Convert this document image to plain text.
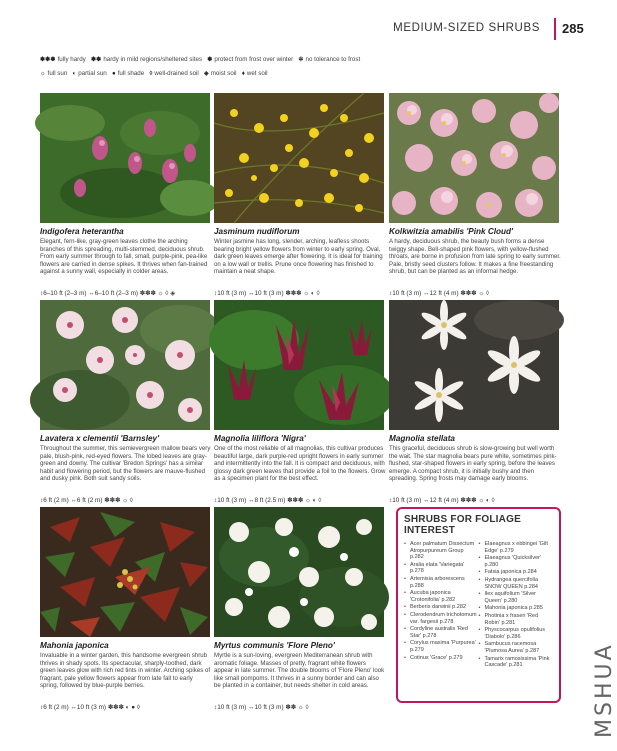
MEDIUM-SIZED SHRUBS 285
✽✽✽ fully hardy ✽✽ hardy in mild regions/sheltered sites ✽ protect from frost over winter ✲ no tolerance to frost
☼ full sun ◐ partial sun ● full shade ◊ well-drained soil ◈ moist soil ♦ wet soil
Indigofera heterantha
Elegant, fern-like, gray-green leaves clothe the arching branches of this spreading, multi-stemmed, deciduous shrub. From early summer through to fall, small, purple-pink, pea-like flowers are carried in dense spikes. It thrives when fan-trained against a sunny wall, especially in colder areas.
↕6–10 ft (2–3 m) ↔6–10 ft (2–3 m) ✽✽✽ ☼ ◊ ◈
Jasminum nudiflorum
Winter jasmine has long, slender, arching, leafless shoots bearing bright yellow flowers from winter to early spring. Oval, dark green leaves emerge after flowering. It is ideal for training on a low wall or trellis. Prune once flowering has finished to maintain a neat shape.
↕10 ft (3 m) ↔10 ft (3 m) ✽✽✽ ☼ ◐ ◊
Kolkwitzia amabilis 'Pink Cloud'
A hardy, deciduous shrub, the beauty bush forms a dense twiggy shape. Bell-shaped pink flowers, with yellow-flushed throats, are borne in profusion from late spring to early summer. Pale, bristly seed clusters follow. It makes a fine freestanding shrub, but can be planted as an informal hedge.
↕10 ft (3 m) ↔12 ft (4 m) ✽✽✽ ☼ ◊
Lavatera x clementii 'Barnsley'
Throughout the summer, this semievergreen mallow bears very pale, blush-pink, red-eyed flowers. The lobed leaves are gray-green and downy. The cultivar 'Bredon Springs' has a similar habit and flowering period, but the flowers are mauve-flushed and dusky pink. Both suit sandy soils.
↕6 ft (2 m) ↔6 ft (2 m) ✽✽✽ ☼ ◊
Magnolia liliflora 'Nigra'
One of the most reliable of all magnolias, this cultivar produces beautiful large, dark purple-red upright flowers in early summer and intermittently into the fall. It is compact and deciduous, with glossy dark green leaves that provide a foil to the flowers. Grow as a specimen plant for the best effect.
↕10 ft (3 m) ↔8 ft (2.5 m) ✽✽✽ ☼ ◐ ◊
Magnolia stellata
This graceful, deciduous shrub is slow-growing but well worth the wait. The star magnolia bears pure white, sometimes pink-flushed, star-shaped flowers in early spring, before the leaves emerge. A compact shrub, it is initially bushy and then spreading. Spring frosts may damage early blooms.
↕10 ft (3 m) ↔12 ft (4 m) ✽✽✽ ☼ ◐ ◊
Mahonia japonica
Invaluable in a winter garden, this handsome evergreen shrub thrives in shady spots. Its spectacular, sharply-toothed, dark green leaves glow with rich red tints in winter. Arching spikes of fragrant, pale yellow flowers appear from late fall to early spring, followed by blue-purple berries.
↕6 ft (2 m) ↔10 ft (3 m) ✽✽✽ ◐ ● ◊
Myrtus communis 'Flore Pleno'
Myrtle is a sun-loving, evergreen Mediterranean shrub with aromatic foliage. Masses of pretty, fragrant white flowers appear in late summer. The double blooms of 'Flore Pleno' look like small pompoms. It thrives in a sunny border and can also be planted in a container, but needs shelter in cold areas.
↕10 ft (3 m) ↔10 ft (3 m) ✽✽ ☼ ◊
SHRUBS FOR FOLIAGE INTEREST
• Acer palmatum Dissectum Atropurpureum Group p.282
• Aralia elata 'Variegata' p.278
• Artemisia arborescens p.288
• Aucuba japonica 'Crotonifolia' p.282
• Berberis darwinii p.282
• Clerodendrum trichotomum var. fargesii p.278
• Cordyline australis 'Red Star' p.278
• Corylus maxima 'Purpurea' p.279
• Cotinus 'Grace' p.279
• Elaeagnus x ebbingei 'Gilt Edge' p.279
• Elaeagnus 'Quicksilver' p.280
• Fatsia japonica p.284
• Hydrangea quercifolia SNOW QUEEN p.284
• Ilex aquifolium 'Silver Queen' p.280
• Mahonia japonica p.285
• Photinia x fraseri 'Red Robin' p.281
• Physcocarpus opulifolius 'Diabolo' p.286
• Sambucus racemosa 'Plumosa Aurea' p.287
• Tamarix ramosissima 'Pink Cascade' p.281	MSHUA
